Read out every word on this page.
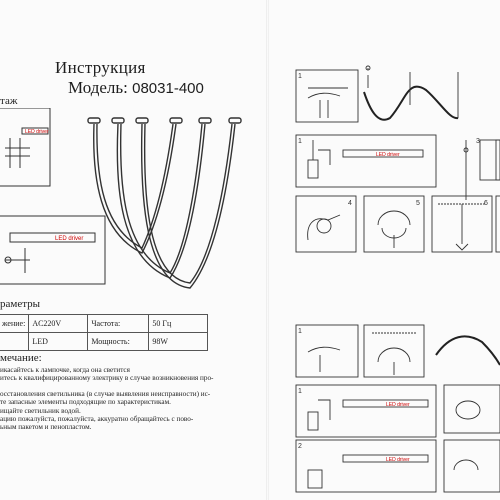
Инструкция
Модель: 08031-400
таж
LED driver
LED driver
раметры
жение:	AC220V	Частота:	50 Гц
	LED	Мощность:	98W
мечание:
икасайтесь к лампочке, когда она светится
итесь к квалифицированному электрику в случае возникновения про-
осстановления светильника (в случае выявления неисправности) ис-
те запасные элементы подходящие по характеристикам.
ищайте светильник водой.
ацию пожалуйста, пожалуйста, аккуратно обращайтесь с пово-
ьным пакетом и пенопластом.
LED driver
LED driver
LED driver
1
1	3
4	5	6
1
1
2
